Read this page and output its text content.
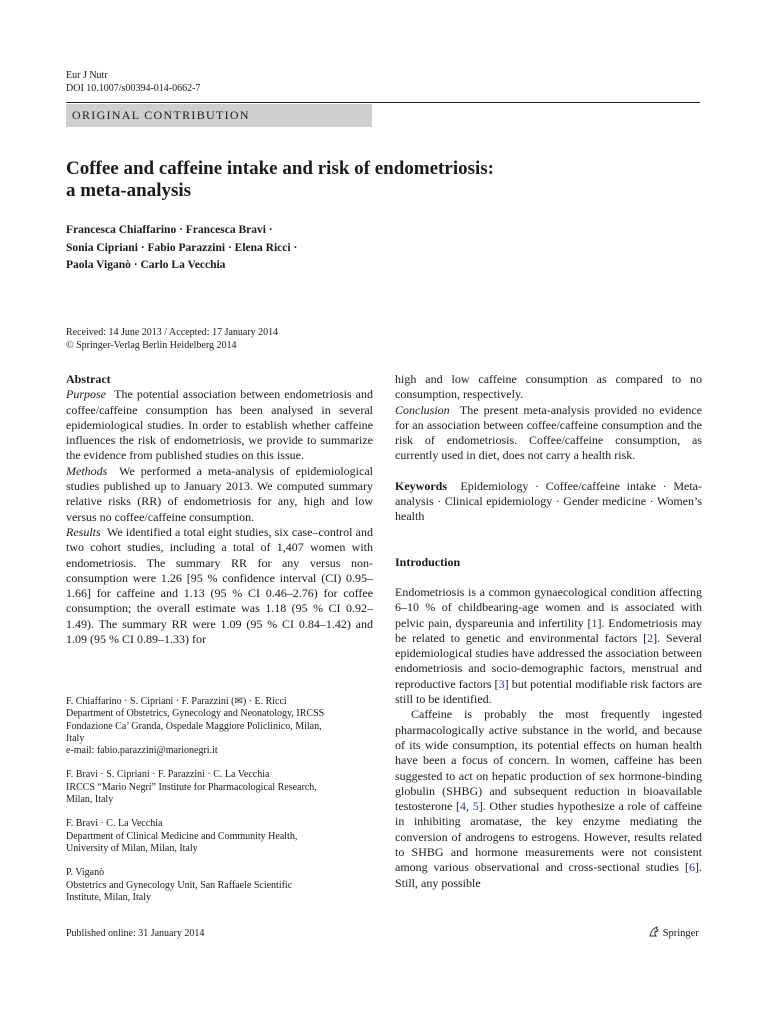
Eur J Nutr
DOI 10.1007/s00394-014-0662-7
ORIGINAL CONTRIBUTION
Coffee and caffeine intake and risk of endometriosis:
a meta-analysis
Francesca Chiaffarino · Francesca Bravi ·
Sonia Cipriani · Fabio Parazzini · Elena Ricci ·
Paola Viganò · Carlo La Vecchia
Received: 14 June 2013 / Accepted: 17 January 2014
© Springer-Verlag Berlin Heidelberg 2014

Abstract

Purpose The potential association between endometriosis and coffee/caffeine consumption has been analysed in several epidemiological studies. In order to establish whether caffeine influences the risk of endometriosis, we provide to summarize the evidence from published studies on this issue.

Methods We performed a meta-analysis of epidemiological studies published up to January 2013. We computed summary relative risks (RR) of endometriosis for any, high and low versus no coffee/caffeine consumption.

Results We identified a total eight studies, six case–control and two cohort studies, including a total of 1,407 women with endometriosis. The summary RR for any versus non-consumption were 1.26 [95 % confidence interval (CI) 0.95–1.66] for caffeine and 1.13 (95 % CI 0.46–2.76) for coffee consumption; the overall estimate was 1.18 (95 % CI 0.92–1.49). The summary RR were 1.09 (95 % CI 0.84–1.42) and 1.09 (95 % CI 0.89–1.33) for

F. Chiaffarino · S. Cipriani · F. Parazzini (✉) · E. Ricci
Department of Obstetrics, Gynecology and Neonatology, IRCSS
Fondazione Ca’ Granda, Ospedale Maggiore Policlinico, Milan,
Italy
e-mail: fabio.parazzini@marionegri.it

F. Bravi · S. Cipriani · F. Parazzini · C. La Vecchia
IRCCS “Mario Negri” Institute for Pharmacological Research,
Milan, Italy

F. Bravi · C. La Vecchia
Department of Clinical Medicine and Community Health,
University of Milan, Milan, Italy

P. Viganò
Obstetrics and Gynecology Unit, San Raffaele Scientific
Institute, Milan, Italy

high and low caffeine consumption as compared to no consumption, respectively.

Conclusion The present meta-analysis provided no evidence for an association between coffee/caffeine consumption and the risk of endometriosis. Coffee/caffeine consumption, as currently used in diet, does not carry a health risk.

Keywords Epidemiology · Coffee/caffeine intake · Meta-analysis · Clinical epidemiology · Gender medicine · Women’s health

Introduction

Endometriosis is a common gynaecological condition affecting 6–10 % of childbearing-age women and is associated with pelvic pain, dyspareunia and infertility [1]. Endometriosis may be related to genetic and environmental factors [2]. Several epidemiological studies have addressed the association between endometriosis and socio-demographic factors, menstrual and reproductive factors [3] but potential modifiable risk factors are still to be identified.

Caffeine is probably the most frequently ingested pharmacologically active substance in the world, and because of its wide consumption, its potential effects on human health have been a focus of concern. In women, caffeine has been suggested to act on hepatic production of sex hormone-binding globulin (SHBG) and subsequent reduction in bioavailable testosterone [4, 5]. Other studies hypothesize a role of caffeine in inhibiting aromatase, the key enzyme mediating the conversion of androgens to estrogens. However, results related to SHBG and hormone measurements were not consistent among various observational and cross-sectional studies [6]. Still, any possible

Published online: 31 January 2014	Springer
